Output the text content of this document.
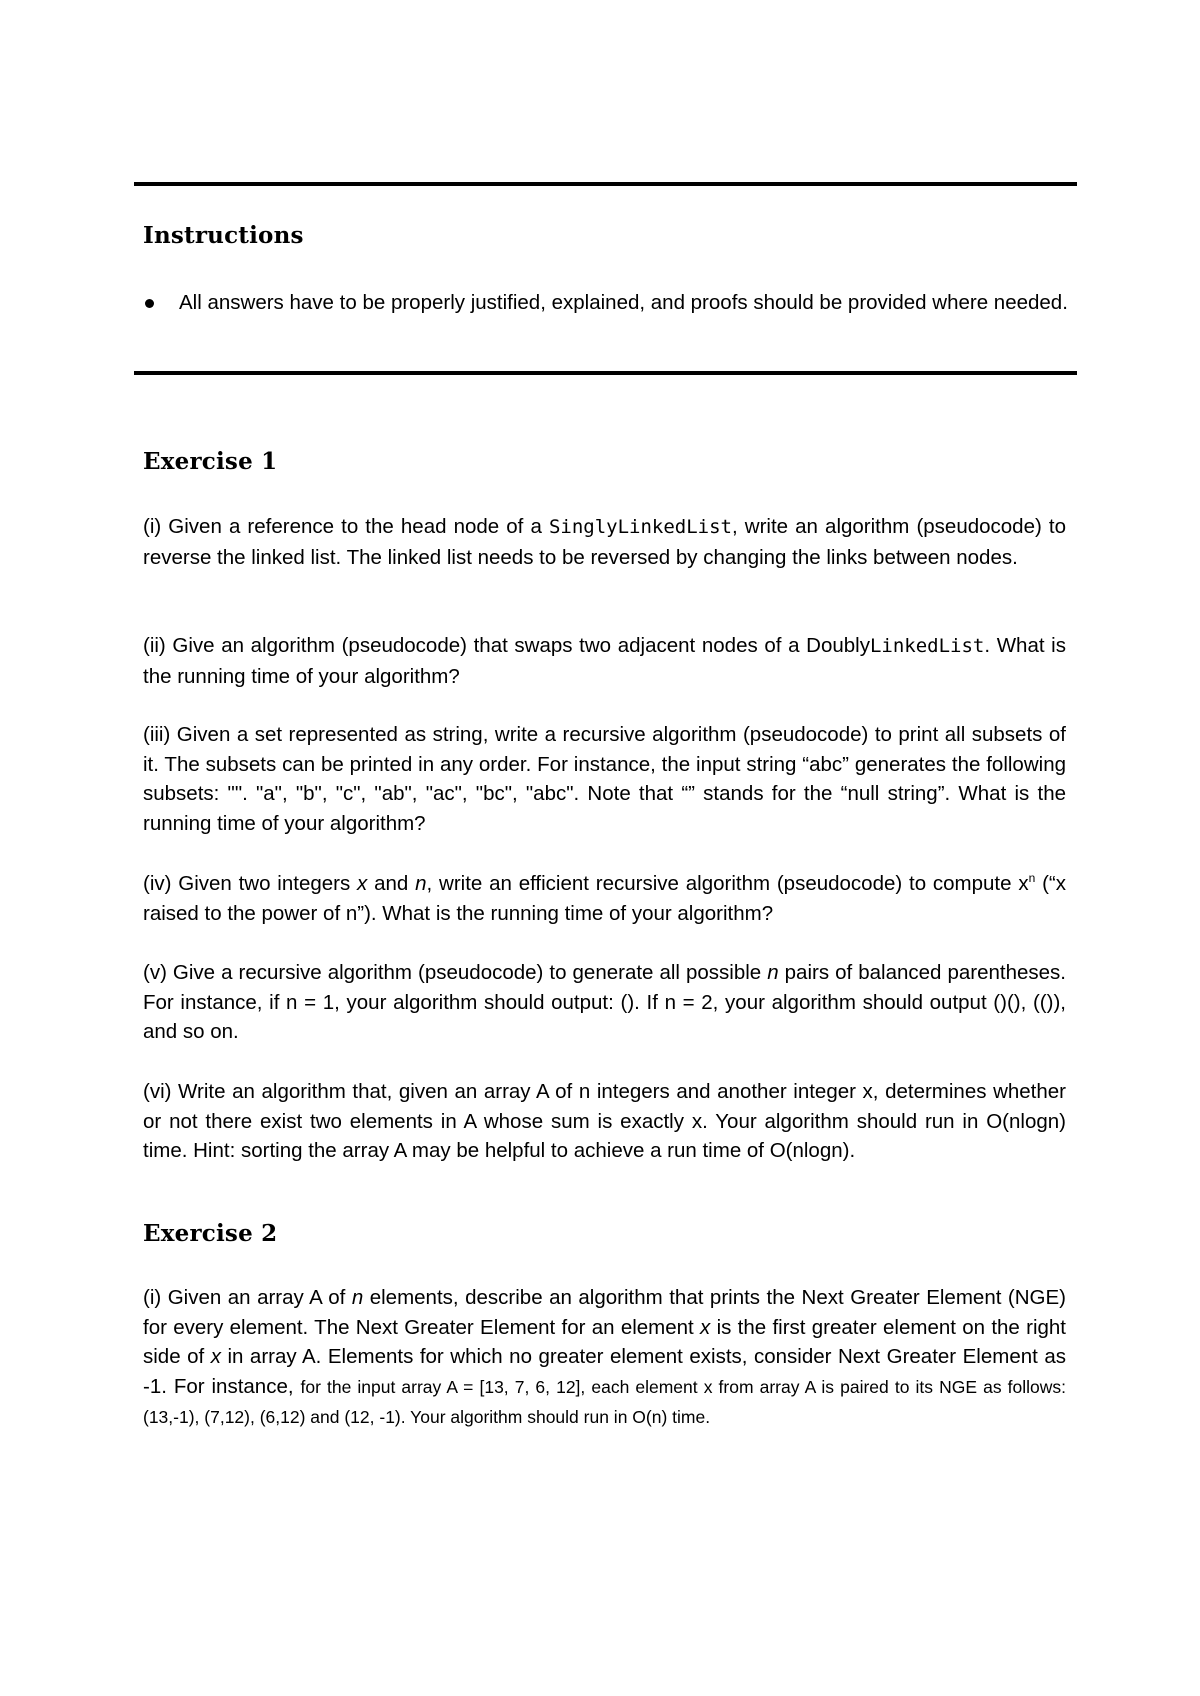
Instructions
All answers have to be properly justified, explained, and proofs should be provided where needed.
Exercise 1
(i) Given a reference to the head node of a SinglyLinkedList, write an algorithm (pseudocode) to reverse the linked list. The linked list needs to be reversed by changing the links between nodes.
(ii) Give an algorithm (pseudocode) that swaps two adjacent nodes of a DoublyLinkedList. What is the running time of your algorithm?
(iii) Given a set represented as string, write a recursive algorithm (pseudocode) to print all subsets of it. The subsets can be printed in any order. For instance, the input string “abc” generates the following subsets: "". "a", "b", "c", "ab", "ac", "bc", "abc". Note that “” stands for the “null string”. What is the running time of your algorithm?
(iv) Given two integers x and n, write an efficient recursive algorithm (pseudocode) to compute $x^n$ (“x raised to the power of n”). What is the running time of your algorithm?
(v) Give a recursive algorithm (pseudocode) to generate all possible n pairs of balanced parentheses. For instance, if n = 1, your algorithm should output: (). If n = 2, your algorithm should output ()(), (()), and so on.
(vi) Write an algorithm that, given an array A of n integers and another integer x, determines whether or not there exist two elements in A whose sum is exactly x. Your algorithm should run in O(nlogn) time. Hint: sorting the array A may be helpful to achieve a run time of O(nlogn).
Exercise 2
(i) Given an array A of n elements, describe an algorithm that prints the Next Greater Element (NGE) for every element. The Next Greater Element for an element x is the first greater element on the right side of x in array A. Elements for which no greater element exists, consider Next Greater Element as -1. For instance, for the input array A = [13, 7, 6, 12], each element x from array A is paired to its NGE as follows: (13,-1), (7,12), (6,12) and (12, -1). Your algorithm should run in O(n) time.
